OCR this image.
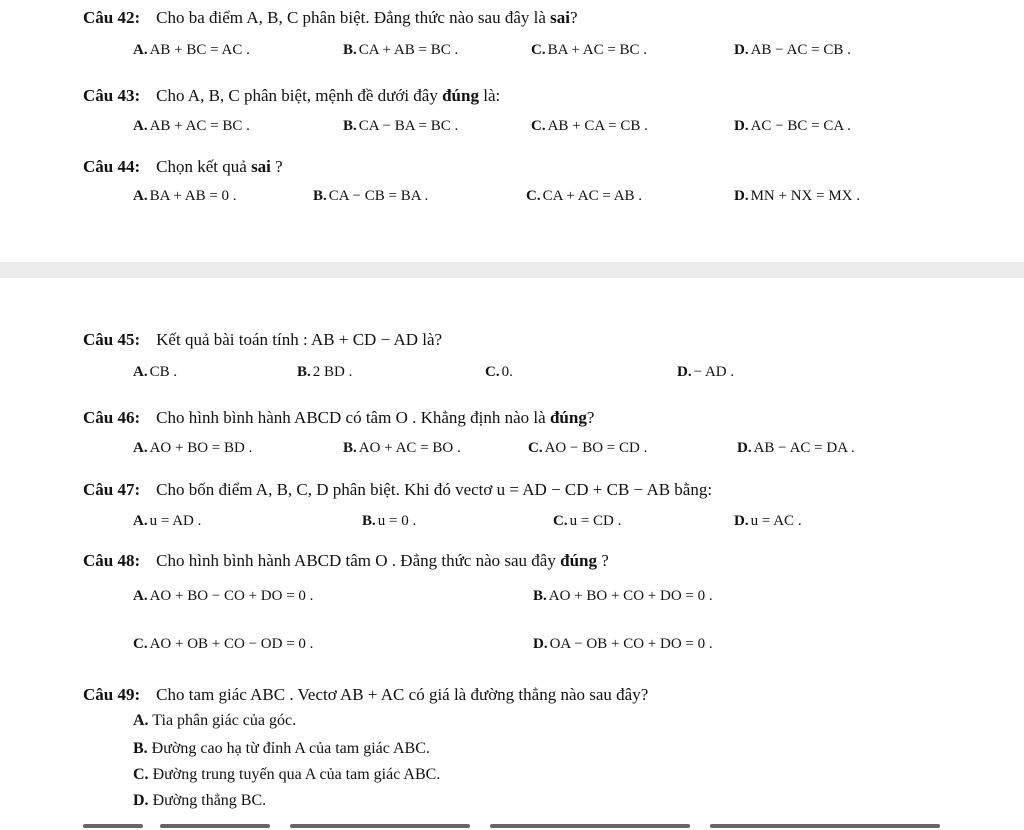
Câu 42: Cho ba điểm A, B, C phân biệt. Đẳng thức nào sau đây là sai?
A. AB + BC = AC .	B. CA + AB = BC .	C. BA + AC = BC .	D. AB − AC = CB .
Câu 43: Cho A, B, C phân biệt, mệnh đề dưới đây đúng là:
A. AB + AC = BC .	B. CA − BA = BC .	C. AB + CA = CB .	D. AC − BC = CA .
Câu 44: Chọn kết quả sai ?
A. BA + AB = 0 .	B. CA − CB = BA .	C. CA + AC = AB .	D. MN + NX = MX .
Câu 45: Kết quả bài toán tính : AB + CD − AD là?
A. CB .	B. 2 BD .	C. 0.	D. − AD .
Câu 46: Cho hình bình hành ABCD có tâm O . Khẳng định nào là đúng?
A. AO + BO = BD .	B. AO + AC = BO .	C. AO − BO = CD .	D. AB − AC = DA .
Câu 47: Cho bốn điểm A, B, C, D phân biệt. Khi đó vectơ u = AD − CD + CB − AB bằng:
A. u = AD .	B. u = 0 .	C. u = CD .	D. u = AC .
Câu 48: Cho hình bình hành ABCD tâm O . Đẳng thức nào sau đây đúng ?
A. AO + BO − CO + DO = 0 .	B. AO + BO + CO + DO = 0 .
C. AO + OB + CO − OD = 0 .	D. OA − OB + CO + DO = 0 .
Câu 49: Cho tam giác ABC . Vectơ AB + AC có giá là đường thẳng nào sau đây?
A. Tia phân giác của góc.
B. Đường cao hạ từ đỉnh A của tam giác ABC.
C. Đường trung tuyến qua A của tam giác ABC.
D. Đường thẳng BC.
